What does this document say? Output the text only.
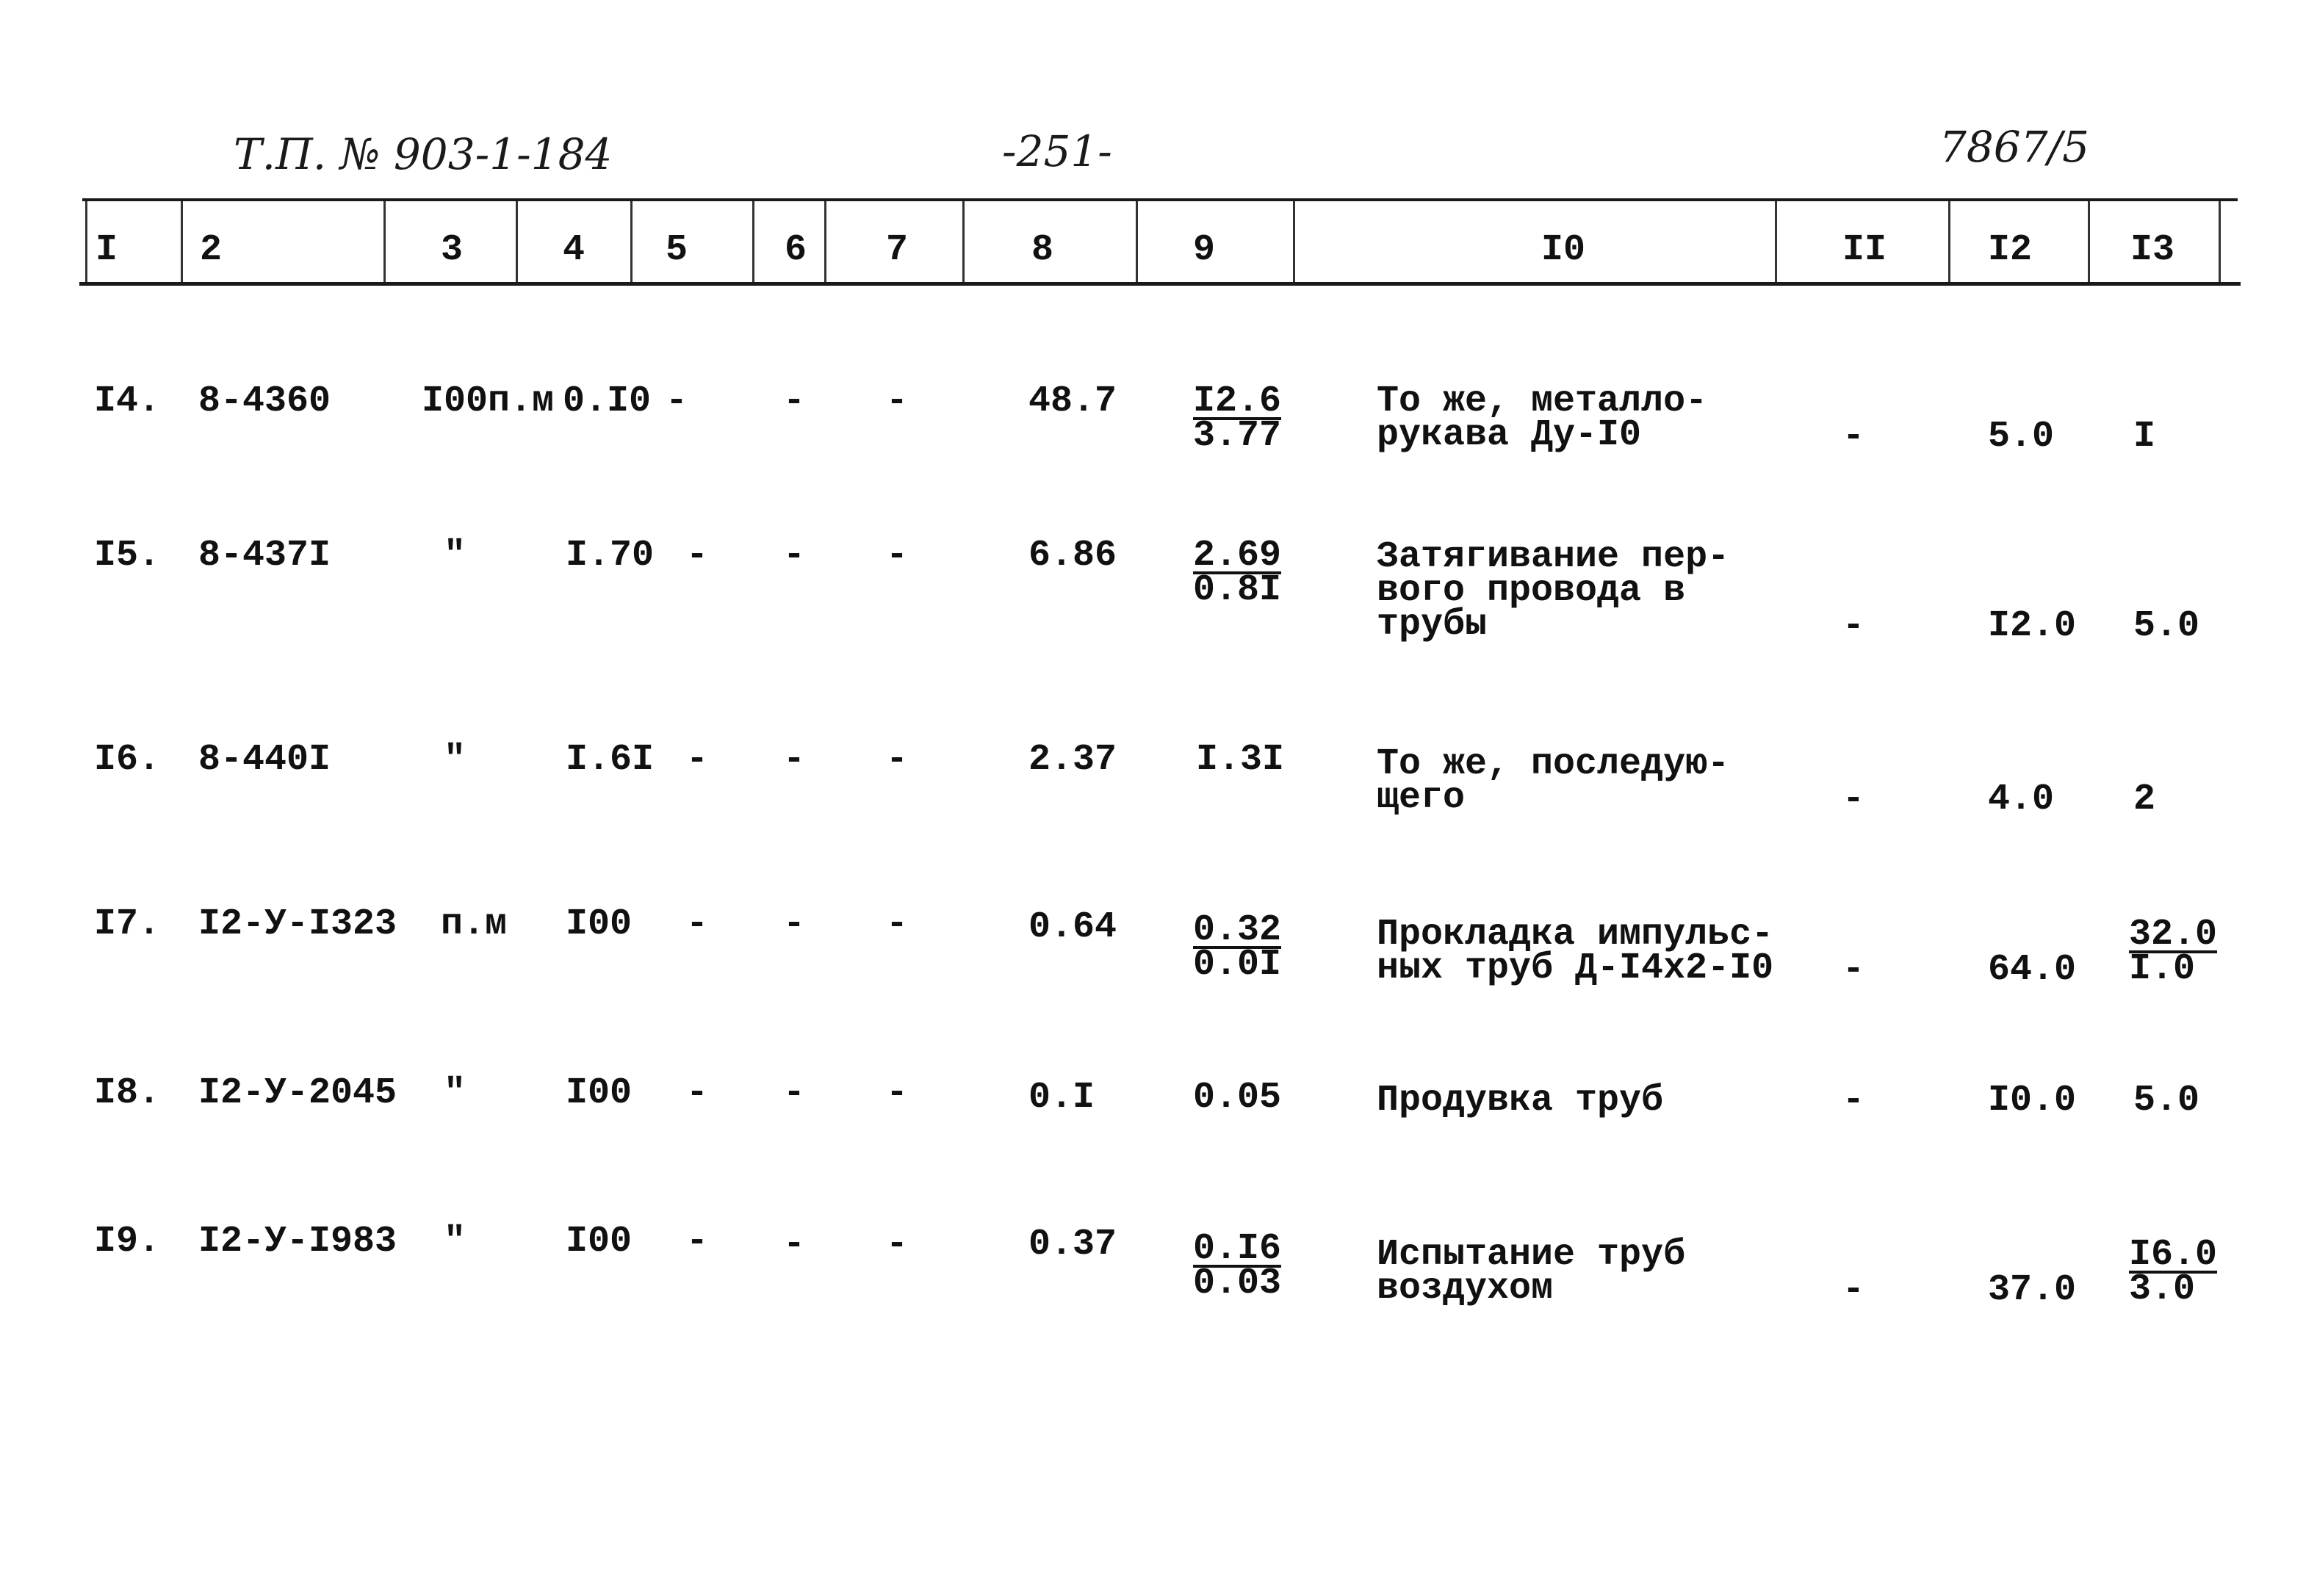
Т.П. № 903-1-184	-251-	7867/5
I 2	3	4 5	6 7	8	9	I0	II	I2	I3
I4. 8-4360 I00п.м 0.I0 -	- -	$48.7 \frac{I2.6}{3.77}$	То же, металло-
рукава Ду-I0	-	5.0 I
I5. 8-437I	"	I.70 - - -	$6.86 \frac{2.69}{0.8I}$	Затягивание пер-
вого провода в
трубы	-	I2.0 5.0
I6. 8-440I	"	I.6I - - -	2.37 I.3I	То же, последую-
щего	-	4.0 2
I7. I2-У-I323 п.м I00 - - -	$0.64 \frac{0.32}{0.0I}$	Прокладка импульс-
ных труб Д-I4х2-I0 -	$64.0 \frac{32.0}{I.0}$
I8. I2-У-2045 "	I00 - - -	0.I	0.05	Продувка труб	-	I0.0 5.0
I9. I2-У-I983 "	I00 - - -	$0.37 \frac{0.I6}{0.03}$	Испытание труб
воздухом	-	$37.0 \frac{I6.0}{3.0}$
